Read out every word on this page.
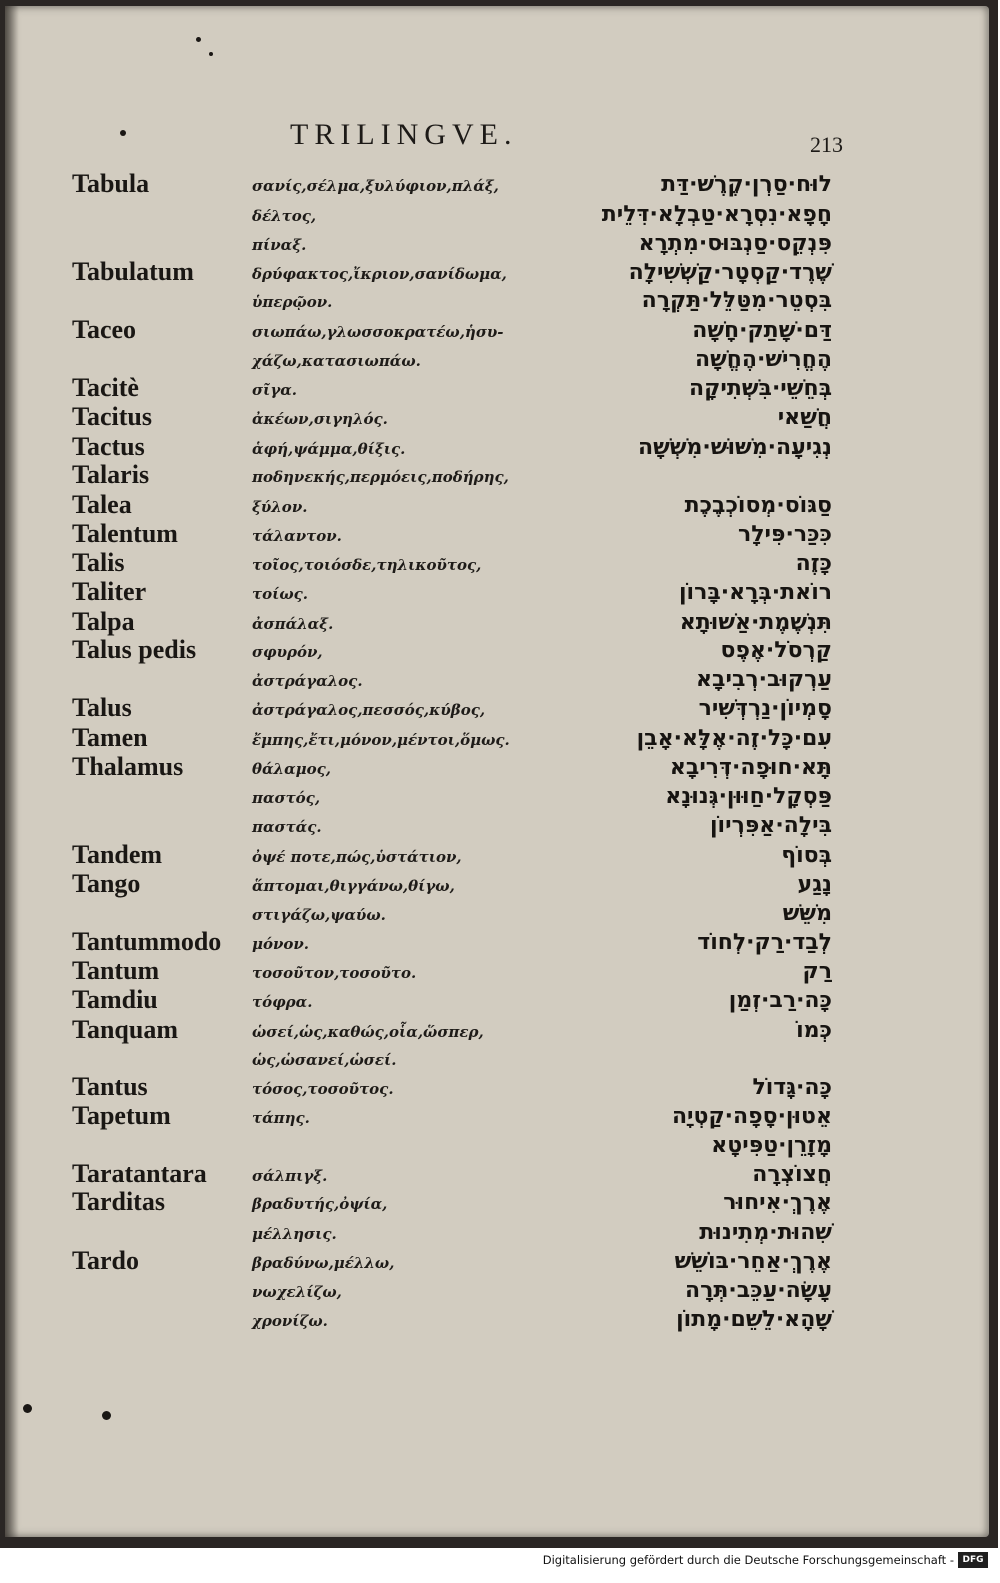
TRILINGVE.	213
Tabula	σανίς,σέλμα,ξυλύφιον,πλάξ,	לוּח·סַרְן·קֶרֶשׁ·דַּת
δέλτος,	חָפָא·נִסְרָא·טַבְלָא·דִּלֵית
πίναξ.	פִּנְקֵס·סַנְבּוּס·מִתְרָא
Tabulatum	δρύφακτος,ἴκριον,σανίδωμα,	שֶׁרֶד·קַסְטָר·קַשְׁשִׁילָה
ὑπερῷον.	בִּסְטֵר·מִטַּלֵּל·תַּקְרָה
Taceo	σιωπάω,γλωσσοκρατέω,ἡσυ-	דַּם·שָׁתַק·חָשָׁה
χάζω,κατασιωπάω.	הֶחֱרִישׁ·הֶחֱשָׁה
Tacitè	σῖγα.	בְּחֵשֵׁי·בִּשְׁתִיקָה
Tacitus	ἀκέων,σιγηλός.	חֲשַׁאי
Tactus	ἁφή,ψάμμα,θίξις.	נְגִיעָה·מִשּׁוּשׁ·מִשְׁשָׁה
Talaris	ποδηνεκής,περμόεις,ποδήρης,
Talea	ξύλον.	סַגּוֹס·מְסוֹכְבֶכֶת
Talentum	τάλαντον.	כִּכַּר·פִּילָר
Talis	τοῖος,τοιόσδε,τηλικοῦτος,	כָּזֶה
Taliter	τοίως.	רוֹאת·בְּרָא·בָּרוֹן
Talpa	ἀσπάλαξ.	תִּנְשֶׁמֶת·אַשׁוּתָא
Talus pedis	σφυρόν,	קַרְסֹל·אֶפֶס
ἀστράγαλος.	עַרְקוּב·רְבִיבָא
Talus	ἀστράγαλος,πεσσός,κύβος,	סָמְיוֹן·נַרְדְּשִׁיר
Tamen	ἔμπης,ἔτι,μόνον,μέντοι,ὅμως.	עִם·כָּל·זֶה·אֶלָּא·אָבֵן
Thalamus	θάλαμος,	תָּא·חוּפָה·דְּרִיבָא
παστός,	פַּסְקָל·חַוּוּן·גְּנוּנָא
παστάς.	בִּילָה·אַפִּרְיוֹן
Tandem	ὀψέ ποτε,πώς,ὑστάτιον,	בְּסוֹף
Tango	ἅπτομαι,θιγγάνω,θίγω,	נָגַע
στιγάζω,ψαύω.	מִשֵּׁשׁ
Tantummodo μόνον.	לְבַד·רַק·לְחוֹד
Tantum	τοσοῦτον,τοσοῦτο.	רַק
Tamdiu	τόφρα.	כָּה·רַב·זְמַן
Tanquam	ὡσεί,ὡς,καθώς,οἷα,ὥσπερ,	כְּמוֹ
ὡς,ὡσανεί,ὡσεί.
Tantus	τόσος,τοσοῦτος.	כָּה·גָּדוֹל
Tapetum	τάπης.	אֵטוּן·סָפָה·קַטְיָה
מָזָרֵן·טַפִּיטָא
Taratantara	σάλπιγξ.	חֲצוֹצְרָה
Tarditas	βραδυτής,ὀψία,	אֶרֶךְ·אִיחוּר
μέλλησις.	שִׁהוּת·מְתִינוּת
Tardo	βραδύνω,μέλλω,	אֶרֶךְ·אַחֵר·בּוֹשֵׁשׁ
νωχελίζω,	עָשָׂה·עַכֵּב·תְּרָה
χρονίζω.	שָׁהָא·לֵשֵׁם·מָתוֹן
Digitalisierung gefördert durch die Deutsche Forschungsgemeinschaft - DFG
